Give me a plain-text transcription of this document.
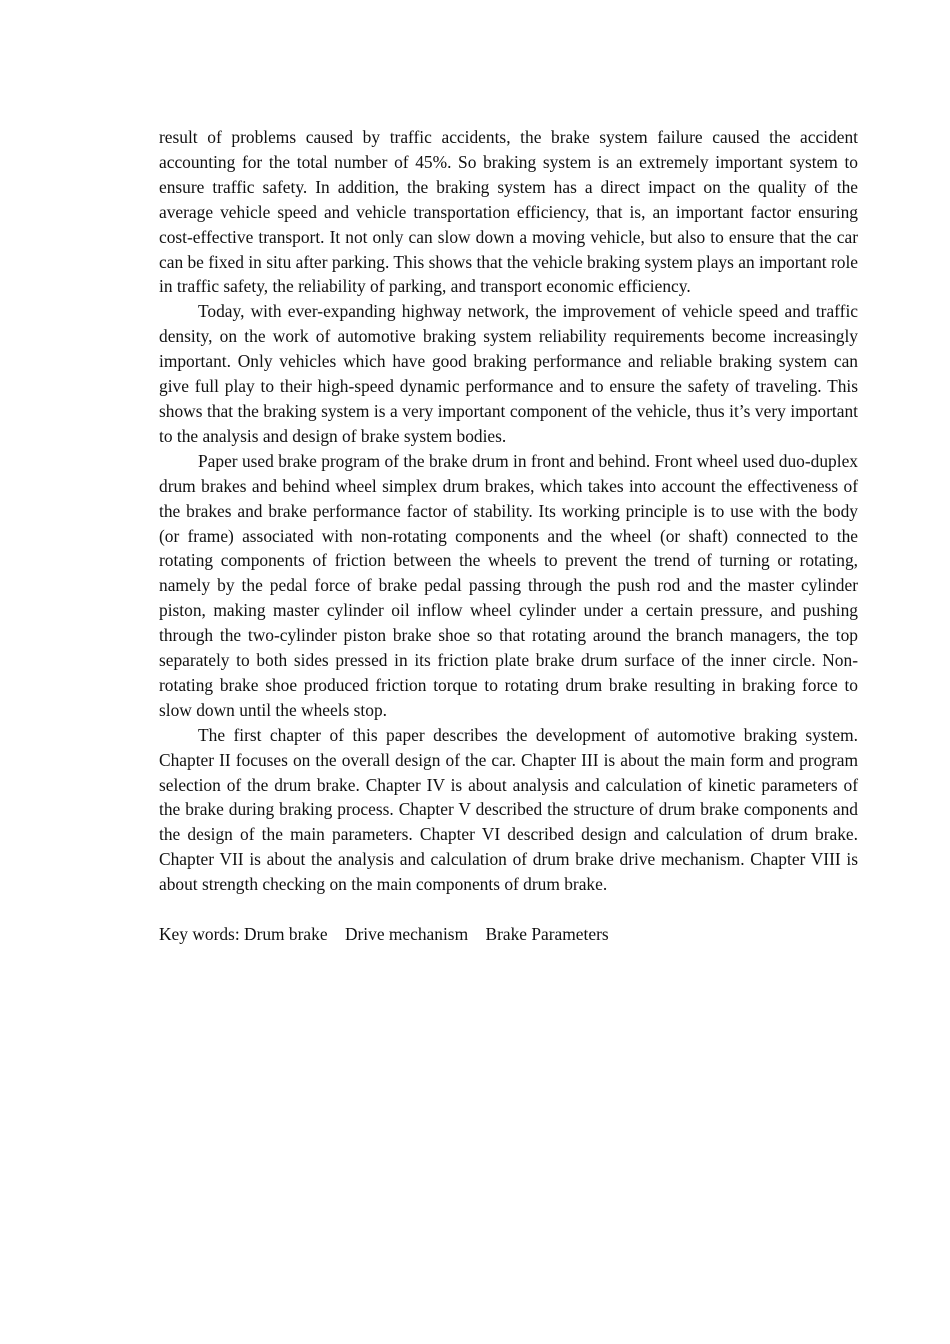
result of problems caused by traffic accidents, the brake system failure caused the accident accounting for the total number of 45%. So braking system is an extremely important system to ensure traffic safety. In addition, the braking system has a direct impact on the quality of the average vehicle speed and vehicle transportation efficiency, that is, an important factor ensuring cost-effective transport. It not only can slow down a moving vehicle, but also to ensure that the car can be fixed in situ after parking. This shows that the vehicle braking system plays an important role in traffic safety, the reliability of parking, and transport economic efficiency.

Today, with ever-expanding highway network, the improvement of vehicle speed and traffic density, on the work of automotive braking system reliability requirements become increasingly important. Only vehicles which have good braking performance and reliable braking system can give full play to their high-speed dynamic performance and to ensure the safety of traveling. This shows that the braking system is a very important component of the vehicle, thus it’s very important to the analysis and design of brake system bodies.

Paper used brake program of the brake drum in front and behind. Front wheel used duo-duplex drum brakes and behind wheel simplex drum brakes, which takes into account the effectiveness of the brakes and brake performance factor of stability. Its working principle is to use with the body (or frame) associated with non-rotating components and the wheel (or shaft) connected to the rotating components of friction between the wheels to prevent the trend of turning or rotating, namely by the pedal force of brake pedal passing through the push rod and the master cylinder piston, making master cylinder oil inflow wheel cylinder under a certain pressure, and pushing through the two-cylinder piston brake shoe so that rotating around the branch managers, the top separately to both sides pressed in its friction plate brake drum surface of the inner circle. Non-rotating brake shoe produced friction torque to rotating drum brake resulting in braking force to slow down until the wheels stop.

The first chapter of this paper describes the development of automotive braking system. Chapter II focuses on the overall design of the car. Chapter III is about the main form and program selection of the drum brake. Chapter IV is about analysis and calculation of kinetic parameters of the brake during braking process. Chapter V described the structure of drum brake components and the design of the main parameters. Chapter VI described design and calculation of drum brake. Chapter VII is about the analysis and calculation of drum brake drive mechanism. Chapter VIII is about strength checking on the main components of drum brake.

Key words: Drum brake Drive mechanism Brake Parameters
